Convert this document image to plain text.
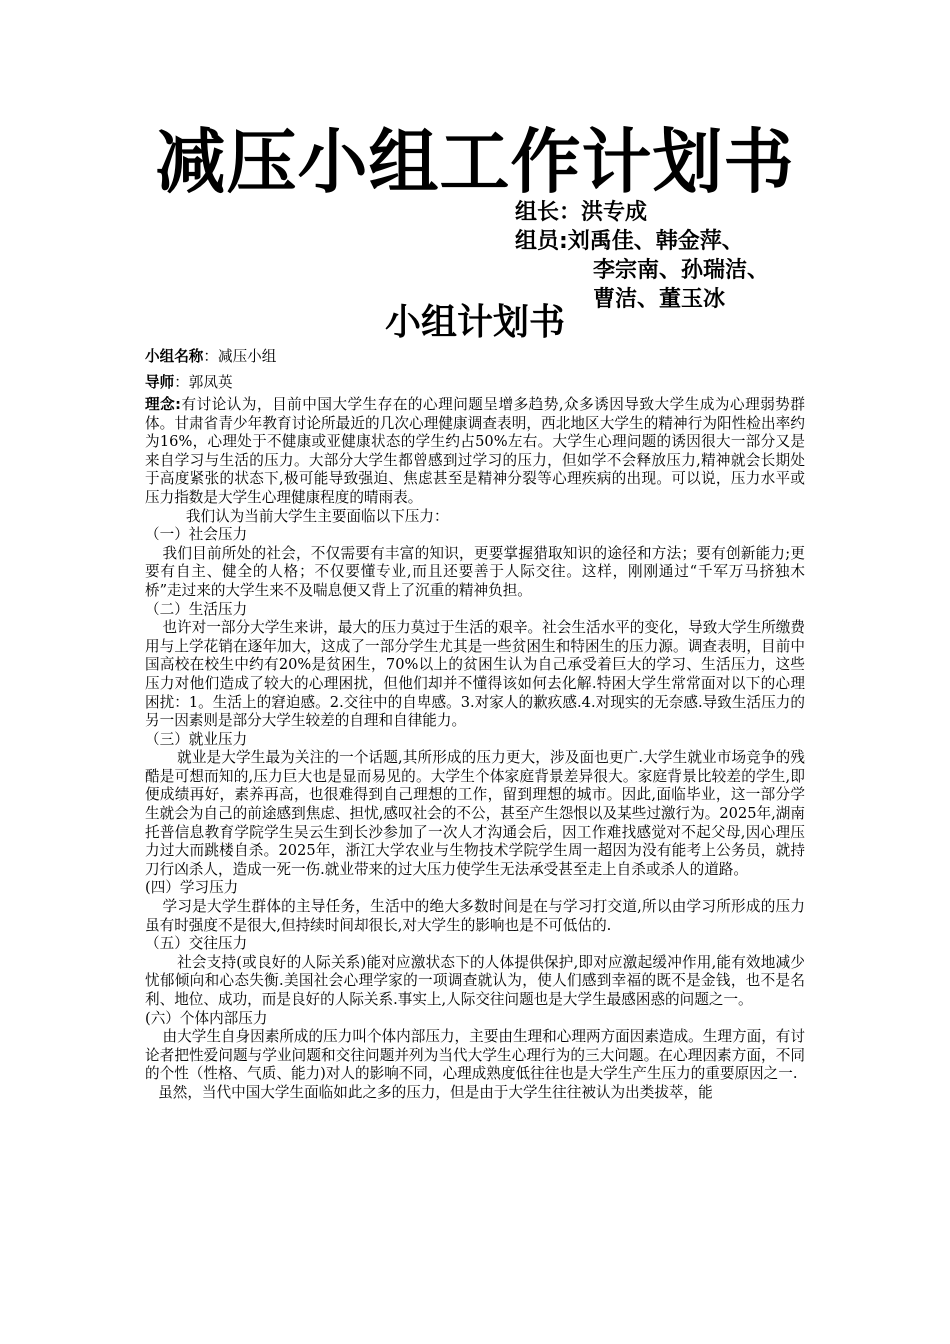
减压小组工作计划书
组长：洪专成
组员:刘禹佳、韩金萍、
李宗南、孙瑞洁、
曹洁、董玉冰
小组计划书

小组名称：减压小组

导师：郭凤英

理念:有讨论认为，目前中国大学生存在的心理问题呈增多趋势,众多诱因导致大学生成为心理弱势群体。甘肃省青少年教育讨论所最近的几次心理健康调查表明，西北地区大学生的精神行为阳性检出率约为16%，心理处于不健康或亚健康状态的学生约占50%左右。大学生心理问题的诱因很大一部分又是来自学习与生活的压力。大部分大学生都曾感到过学习的压力，但如学不会释放压力,精神就会长期处于高度紧张的状态下,极可能导致强迫、焦虑甚至是精神分裂等心理疾病的出现。可以说，压力水平或压力指数是大学生心理健康程度的晴雨表。

我们认为当前大学生主要面临以下压力：

（一）社会压力

我们目前所处的社会，不仅需要有丰富的知识，更要掌握猎取知识的途径和方法；要有创新能力;更要有自主、健全的人格；不仅要懂专业,而且还要善于人际交往。这样，刚刚通过“千军万马挤独木桥”走过来的大学生来不及喘息便又背上了沉重的精神负担。

（二）生活压力

也许对一部分大学生来讲，最大的压力莫过于生活的艰辛。社会生活水平的变化，导致大学生所缴费用与上学花销在逐年加大，这成了一部分学生尤其是一些贫困生和特困生的压力源。调查表明，目前中国高校在校生中约有20%是贫困生，70%以上的贫困生认为自己承受着巨大的学习、生活压力，这些压力对他们造成了较大的心理困扰，但他们却并不懂得该如何去化解.特困大学生常常面对以下的心理困扰：1。生活上的窘迫感。2.交往中的自卑感。3.对家人的歉疚感.4.对现实的无奈感.导致生活压力的另一因素则是部分大学生较差的自理和自律能力。

（三）就业压力

就业是大学生最为关注的一个话题,其所形成的压力更大，涉及面也更广.大学生就业市场竞争的残酷是可想而知的,压力巨大也是显而易见的。大学生个体家庭背景差异很大。家庭背景比较差的学生,即便成绩再好，素养再高，也很难得到自己理想的工作，留到理想的城市。因此,面临毕业，这一部分学生就会为自己的前途感到焦虑、担忧,感叹社会的不公，甚至产生怨恨以及某些过激行为。2025年,湖南托普信息教育学院学生吴云生到长沙参加了一次人才沟通会后，因工作难找感觉对不起父母,因心理压力过大而跳楼自杀。2025年，浙江大学农业与生物技术学院学生周一超因为没有能考上公务员，就持刀行凶杀人，造成一死一伤.就业带来的过大压力使学生无法承受甚至走上自杀或杀人的道路。

(四）学习压力

学习是大学生群体的主导任务，生活中的绝大多数时间是在与学习打交道,所以由学习所形成的压力虽有时强度不是很大,但持续时间却很长,对大学生的影响也是不可低估的.

（五）交往压力

社会支持(或良好的人际关系)能对应激状态下的人体提供保护,即对应激起缓冲作用,能有效地减少忧郁倾向和心态失衡.美国社会心理学家的一项调查就认为，使人们感到幸福的既不是金钱，也不是名利、地位、成功，而是良好的人际关系.事实上,人际交往问题也是大学生最感困惑的问题之一。

(六）个体内部压力

由大学生自身因素所成的压力叫个体内部压力，主要由生理和心理两方面因素造成。生理方面，有讨论者把性爱问题与学业问题和交往问题并列为当代大学生心理行为的三大问题。在心理因素方面，不同的个性（性格、气质、能力)对人的影响不同，心理成熟度低往往也是大学生产生压力的重要原因之一.

虽然，当代中国大学生面临如此之多的压力，但是由于大学生往往被认为出类拔萃，能
